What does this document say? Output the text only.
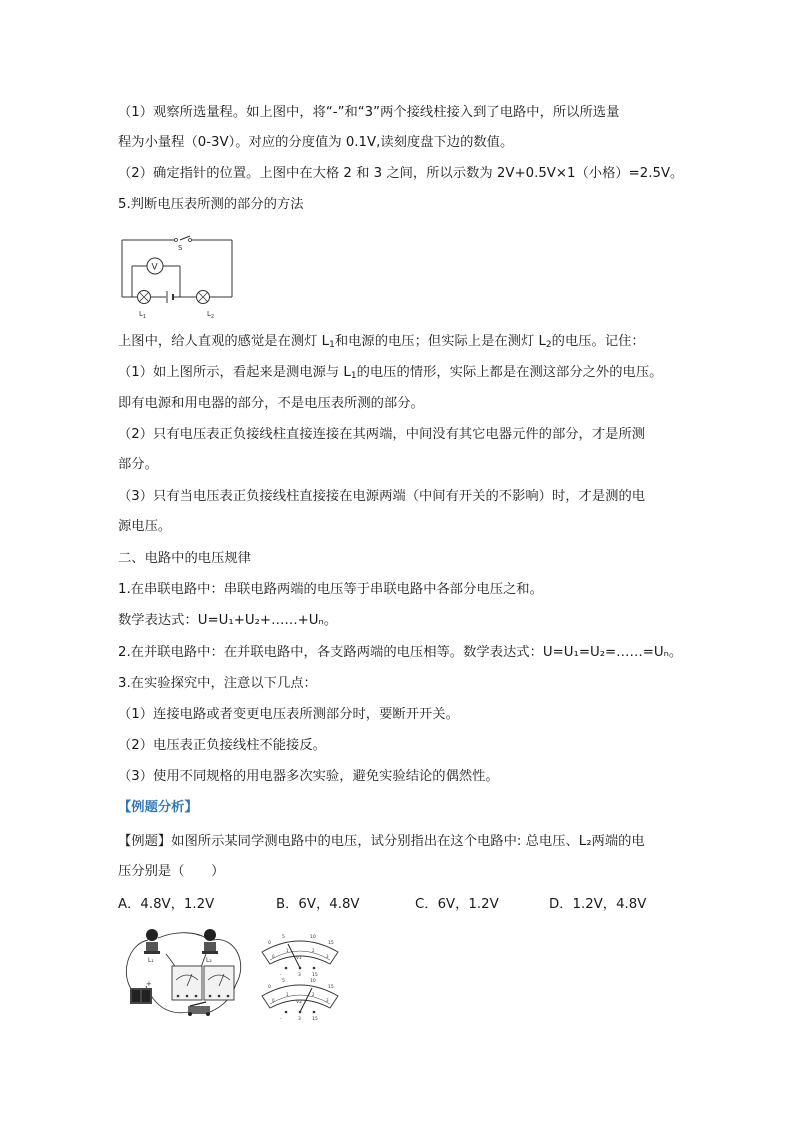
（1）观察所选量程。如上图中，将“-”和“3”两个接线柱接入到了电路中，所以所选量
程为小量程（0-3V）。对应的分度值为 0.1V,读刻度盘下边的数值。
（2）确定指针的位置。上图中在大格 2 和 3 之间，所以示数为 2V+0.5V×1（小格）=2.5V。
5.判断电压表所测的部分的方法
S
V
$L_1$	$L_2$
上图中，给人直观的感觉是在测灯 $L_1$和电源的电压；但实际上是在测灯 $L_2$的电压。记住：
（1）如上图所示，看起来是测电源与 $L_1$的电压的情形，实际上都是在测这部分之外的电压。
即有电源和用电器的部分，不是电压表所测的部分。
（2）只有电压表正负接线柱直接连接在其两端，中间没有其它电器元件的部分，才是所测
部分。
（3）只有当电压表正负接线柱直接接在电源两端（中间有开关的不影响）时，才是测的电
源电压。
二、电路中的电压规律
1.在串联电路中：串联电路两端的电压等于串联电路中各部分电压之和。
数学表达式：U=U₁+U₂+……+Uₙ。
2.在并联电路中：在并联电路中，各支路两端的电压相等。数学表达式：U=U₁=U₂=……=Uₙ。
3.在实验探究中，注意以下几点：
（1）连接电路或者变更电压表所测部分时，要断开开关。
（2）电压表正负接线柱不能接反。
（3）使用不同规格的用电器多次实验，避免实验结论的偶然性。
【例题分析】
【例题】如图所示某同学测电路中的电压，试分别指出在这个电路中: 总电压、L₂两端的电
压分别是（　　）
A．4.8V，1.2V	B．6V，4.8V	C．6V，1.2V	D．1.2V，4.8V
L₁	L₂
+
0
5	10
15
0
1	2
3
V1
-	3 15
0
5	10
15
0
1	2
3
V2
-	3 15
